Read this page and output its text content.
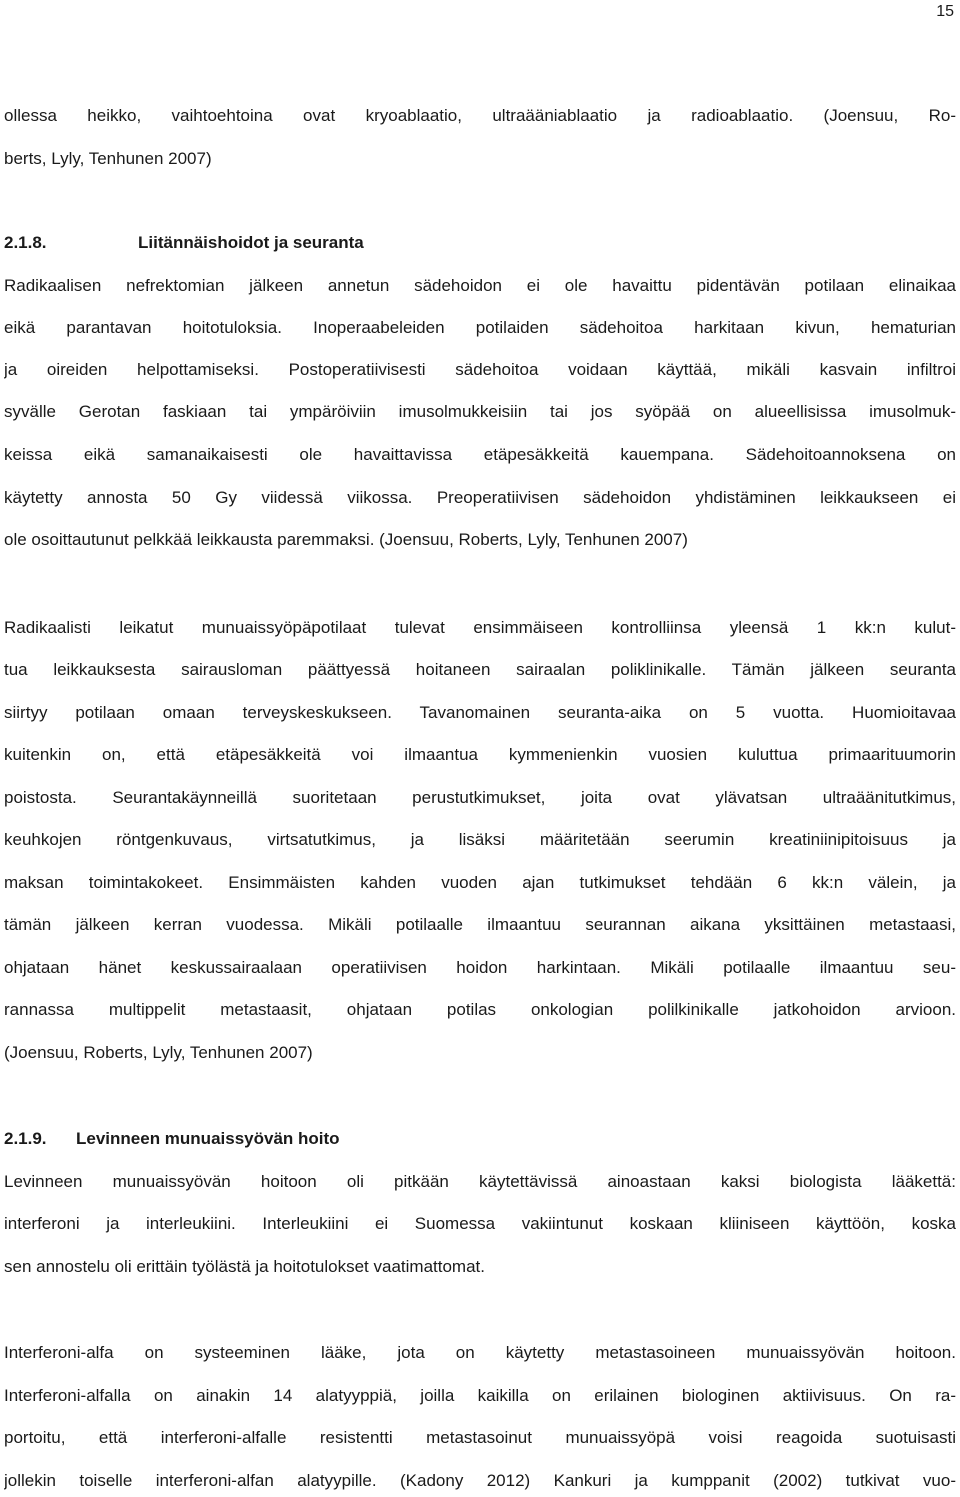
15
ollessa heikko, vaihtoehtoina ovat kryoablaatio, ultraääniablaatio ja radioablaatio. (Joensuu, Ro-
berts, Lyly, Tenhunen 2007)
2.1.8.	Liitännäishoidot ja seuranta
Radikaalisen nefrektomian jälkeen annetun sädehoidon ei ole havaittu pidentävän potilaan elinaikaa
eikä parantavan hoitotuloksia. Inoperaabeleiden potilaiden sädehoitoa harkitaan kivun, hematurian
ja oireiden helpottamiseksi. Postoperatiivisesti sädehoitoa voidaan käyttää, mikäli kasvain infiltroi
syvälle Gerotan faskiaan tai ympäröiviin imusolmukkeisiin tai jos syöpää on alueellisissa imusolmuk-
keissa eikä samanaikaisesti ole havaittavissa etäpesäkkeitä kauempana. Sädehoitoannoksena on
käytetty annosta 50 Gy viidessä viikossa. Preoperatiivisen sädehoidon yhdistäminen leikkaukseen ei
ole osoittautunut pelkkää leikkausta paremmaksi. (Joensuu, Roberts, Lyly, Tenhunen 2007)
Radikaalisti leikatut munuaissyöpäpotilaat tulevat ensimmäiseen kontrolliinsa yleensä 1 kk:n kulut-
tua leikkauksesta sairausloman päättyessä hoitaneen sairaalan poliklinikalle. Tämän jälkeen seuranta
siirtyy potilaan omaan terveyskeskukseen. Tavanomainen seuranta-aika on 5 vuotta. Huomioitavaa
kuitenkin on, että etäpesäkkeitä voi ilmaantua kymmenienkin vuosien kuluttua primaarituumorin
poistosta. Seurantakäynneillä suoritetaan perustutkimukset, joita ovat ylävatsan ultraäänitutkimus,
keuhkojen röntgenkuvaus, virtsatutkimus, ja lisäksi määritetään seerumin kreatiniinipitoisuus ja
maksan toimintakokeet. Ensimmäisten kahden vuoden ajan tutkimukset tehdään 6 kk:n välein, ja
tämän jälkeen kerran vuodessa. Mikäli potilaalle ilmaantuu seurannan aikana yksittäinen metastaasi,
ohjataan hänet keskussairaalaan operatiivisen hoidon harkintaan. Mikäli potilaalle ilmaantuu seu-
rannassa multippelit metastaasit, ohjataan potilas onkologian polilkinikalle jatkohoidon arvioon.
(Joensuu, Roberts, Lyly, Tenhunen 2007)
2.1.9. Levinneen munuaissyövän hoito
Levinneen munuaissyövän hoitoon oli pitkään käytettävissä ainoastaan kaksi biologista lääkettä:
interferoni ja interleukiini. Interleukiini ei Suomessa vakiintunut koskaan kliiniseen käyttöön, koska
sen annostelu oli erittäin työlästä ja hoitotulokset vaatimattomat.
Interferoni-alfa on systeeminen lääke, jota on käytetty metastasoineen munuaissyövän hoitoon.
Interferoni-alfalla on ainakin 14 alatyyppiä, joilla kaikilla on erilainen biologinen aktiivisuus. On ra-
portoitu, että interferoni-alfalle resistentti metastasoinut munuaissyöpä voisi reagoida suotuisasti
jollekin toiselle interferoni-alfan alatyypille. (Kadony 2012) Kankuri ja kumppanit (2002) tutkivat vuo-
